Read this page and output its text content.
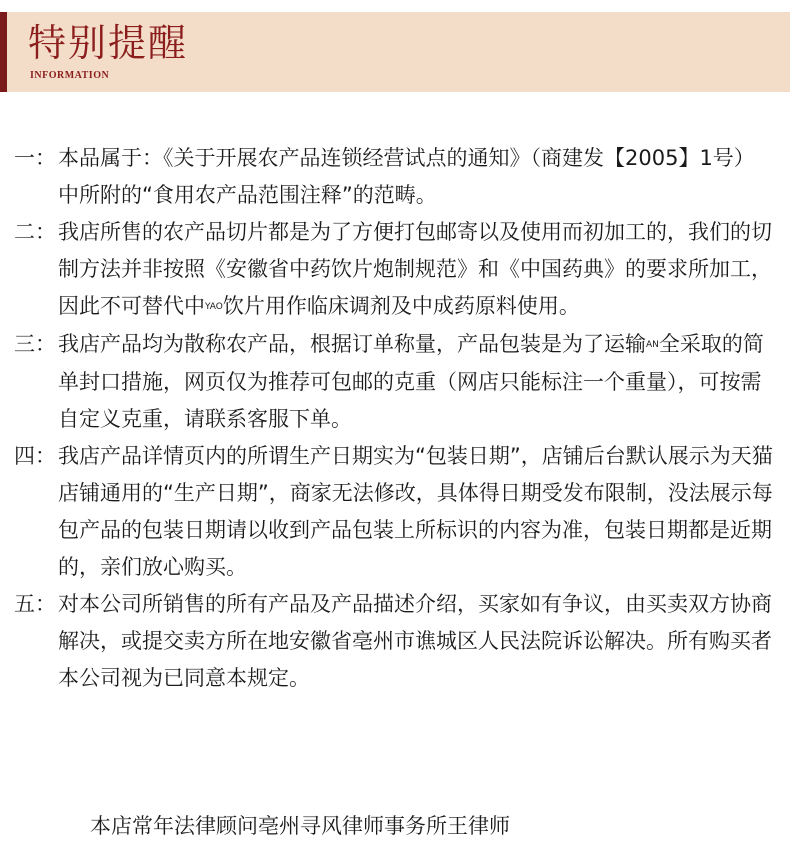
特别提醒
INFORMATION
一： 本品属于：《关于开展农产品连锁经营试点的通知》（商建发【2005】1号）中所附的“食用农产品范围注释”的范畴。
二： 我店所售的农产品切片都是为了方便打包邮寄以及使用而初加工的，我们的切制方法并非按照《安徽省中药饮片炮制规范》和《中国药典》的要求所加工，因此不可替代中YAO饮片用作临床调剂及中成药原料使用。
三： 我店产品均为散称农产品，根据订单称量，产品包装是为了运输AN全采取的简单封口措施，网页仅为推荐可包邮的克重（网店只能标注一个重量），可按需自定义克重，请联系客服下单。
四： 我店产品详情页内的所谓生产日期实为“包装日期”，店铺后台默认展示为天猫店铺通用的“生产日期”，商家无法修改，具体得日期受发布限制，没法展示每包产品的包装日期请以收到产品包装上所标识的内容为准，包装日期都是近期的，亲们放心购买。
五： 对本公司所销售的所有产品及产品描述介绍，买家如有争议，由买卖双方协商解决，或提交卖方所在地安徽省亳州市谯城区人民法院诉讼解决。所有购买者本公司视为已同意本规定。
本店常年法律顾问亳州寻风律师事务所王律师
